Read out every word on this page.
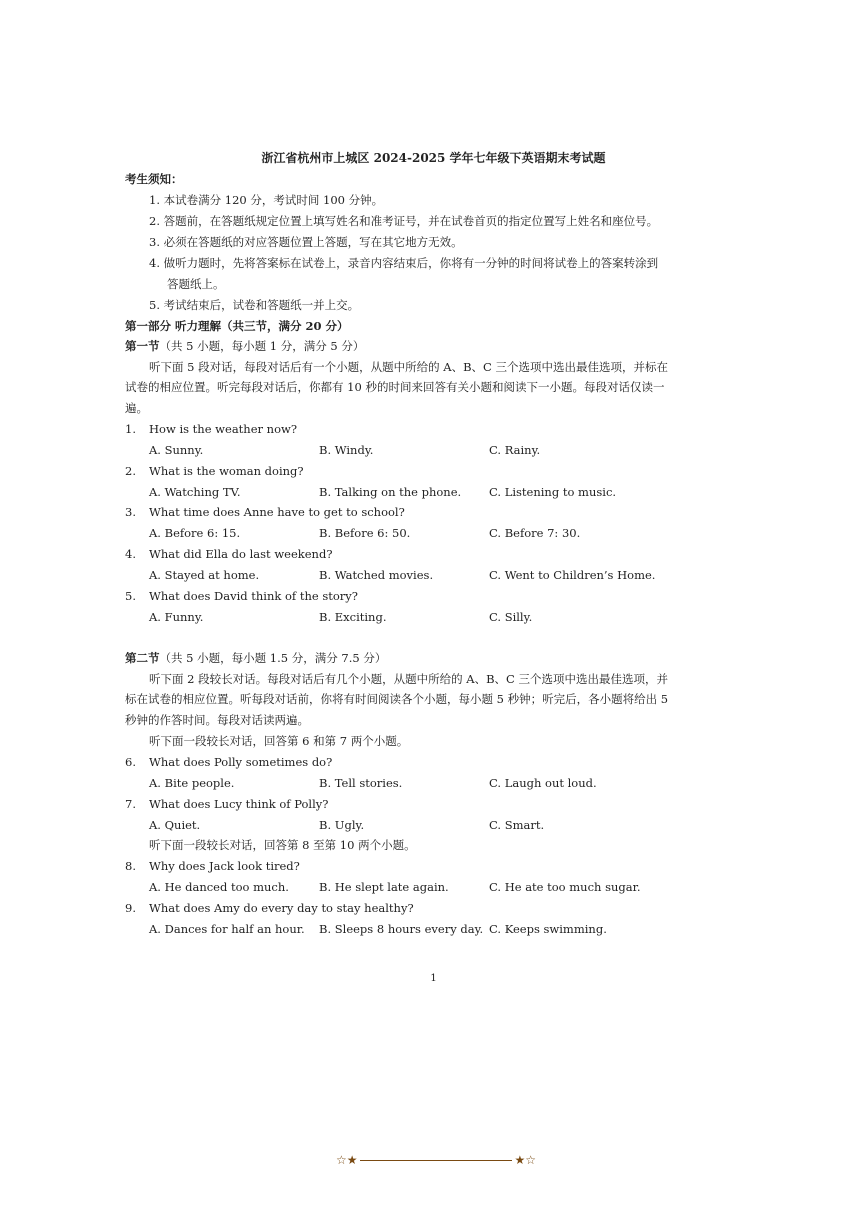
浙江省杭州市上城区 2024-2025 学年七年级下英语期末考试题
考生须知：
1. 本试卷满分 120 分，考试时间 100 分钟。
2. 答题前，在答题纸规定位置上填写姓名和准考证号，并在试卷首页的指定位置写上姓名和座位号。
3. 必须在答题纸的对应答题位置上答题，写在其它地方无效。
4. 做听力题时，先将答案标在试卷上，录音内容结束后，你将有一分钟的时间将试卷上的答案转涂到
答题纸上。
5. 考试结束后，试卷和答题纸一并上交。
第一部分 听力理解（共三节，满分 20 分）
第一节（共 5 小题，每小题 1 分，满分 5 分）
听下面 5 段对话，每段对话后有一个小题，从题中所给的 A、B、C 三个选项中选出最佳选项，并标在
试卷的相应位置。听完每段对话后，你都有 10 秒的时间来回答有关小题和阅读下一小题。每段对话仅读一
遍。
1. How is the weather now?
A. Sunny.	B. Windy.	C. Rainy.
2. What is the woman doing?
A. Watching TV.	B. Talking on the phone. C. Listening to music.
3. What time does Anne have to get to school?
A. Before 6: 15.	B. Before 6: 50.	C. Before 7: 30.
4. What did Ella do last weekend?
A. Stayed at home.	B. Watched movies.	C. Went to Children’s Home.
5. What does David think of the story?
A. Funny.	B. Exciting.	C. Silly.
第二节（共 5 小题，每小题 1.5 分，满分 7.5 分）
听下面 2 段较长对话。每段对话后有几个小题，从题中所给的 A、B、C 三个选项中选出最佳选项，并
标在试卷的相应位置。听每段对话前，你将有时间阅读各个小题，每小题 5 秒钟；听完后，各小题将给出 5
秒钟的作答时间。每段对话读两遍。
听下面一段较长对话，回答第 6 和第 7 两个小题。
6. What does Polly sometimes do?
A. Bite people.	B. Tell stories.	C. Laugh out loud.
7. What does Lucy think of Polly?
A. Quiet.	B. Ugly.	C. Smart.
听下面一段较长对话，回答第 8 至第 10 两个小题。
8. Why does Jack look tired?
A. He danced too much.	B. He slept late again.	C. He ate too much sugar.
9. What does Amy do every day to stay healthy?
A. Dances for half an hour. B. Sleeps 8 hours every day. C. Keeps swimming.
1
☆★	★☆
